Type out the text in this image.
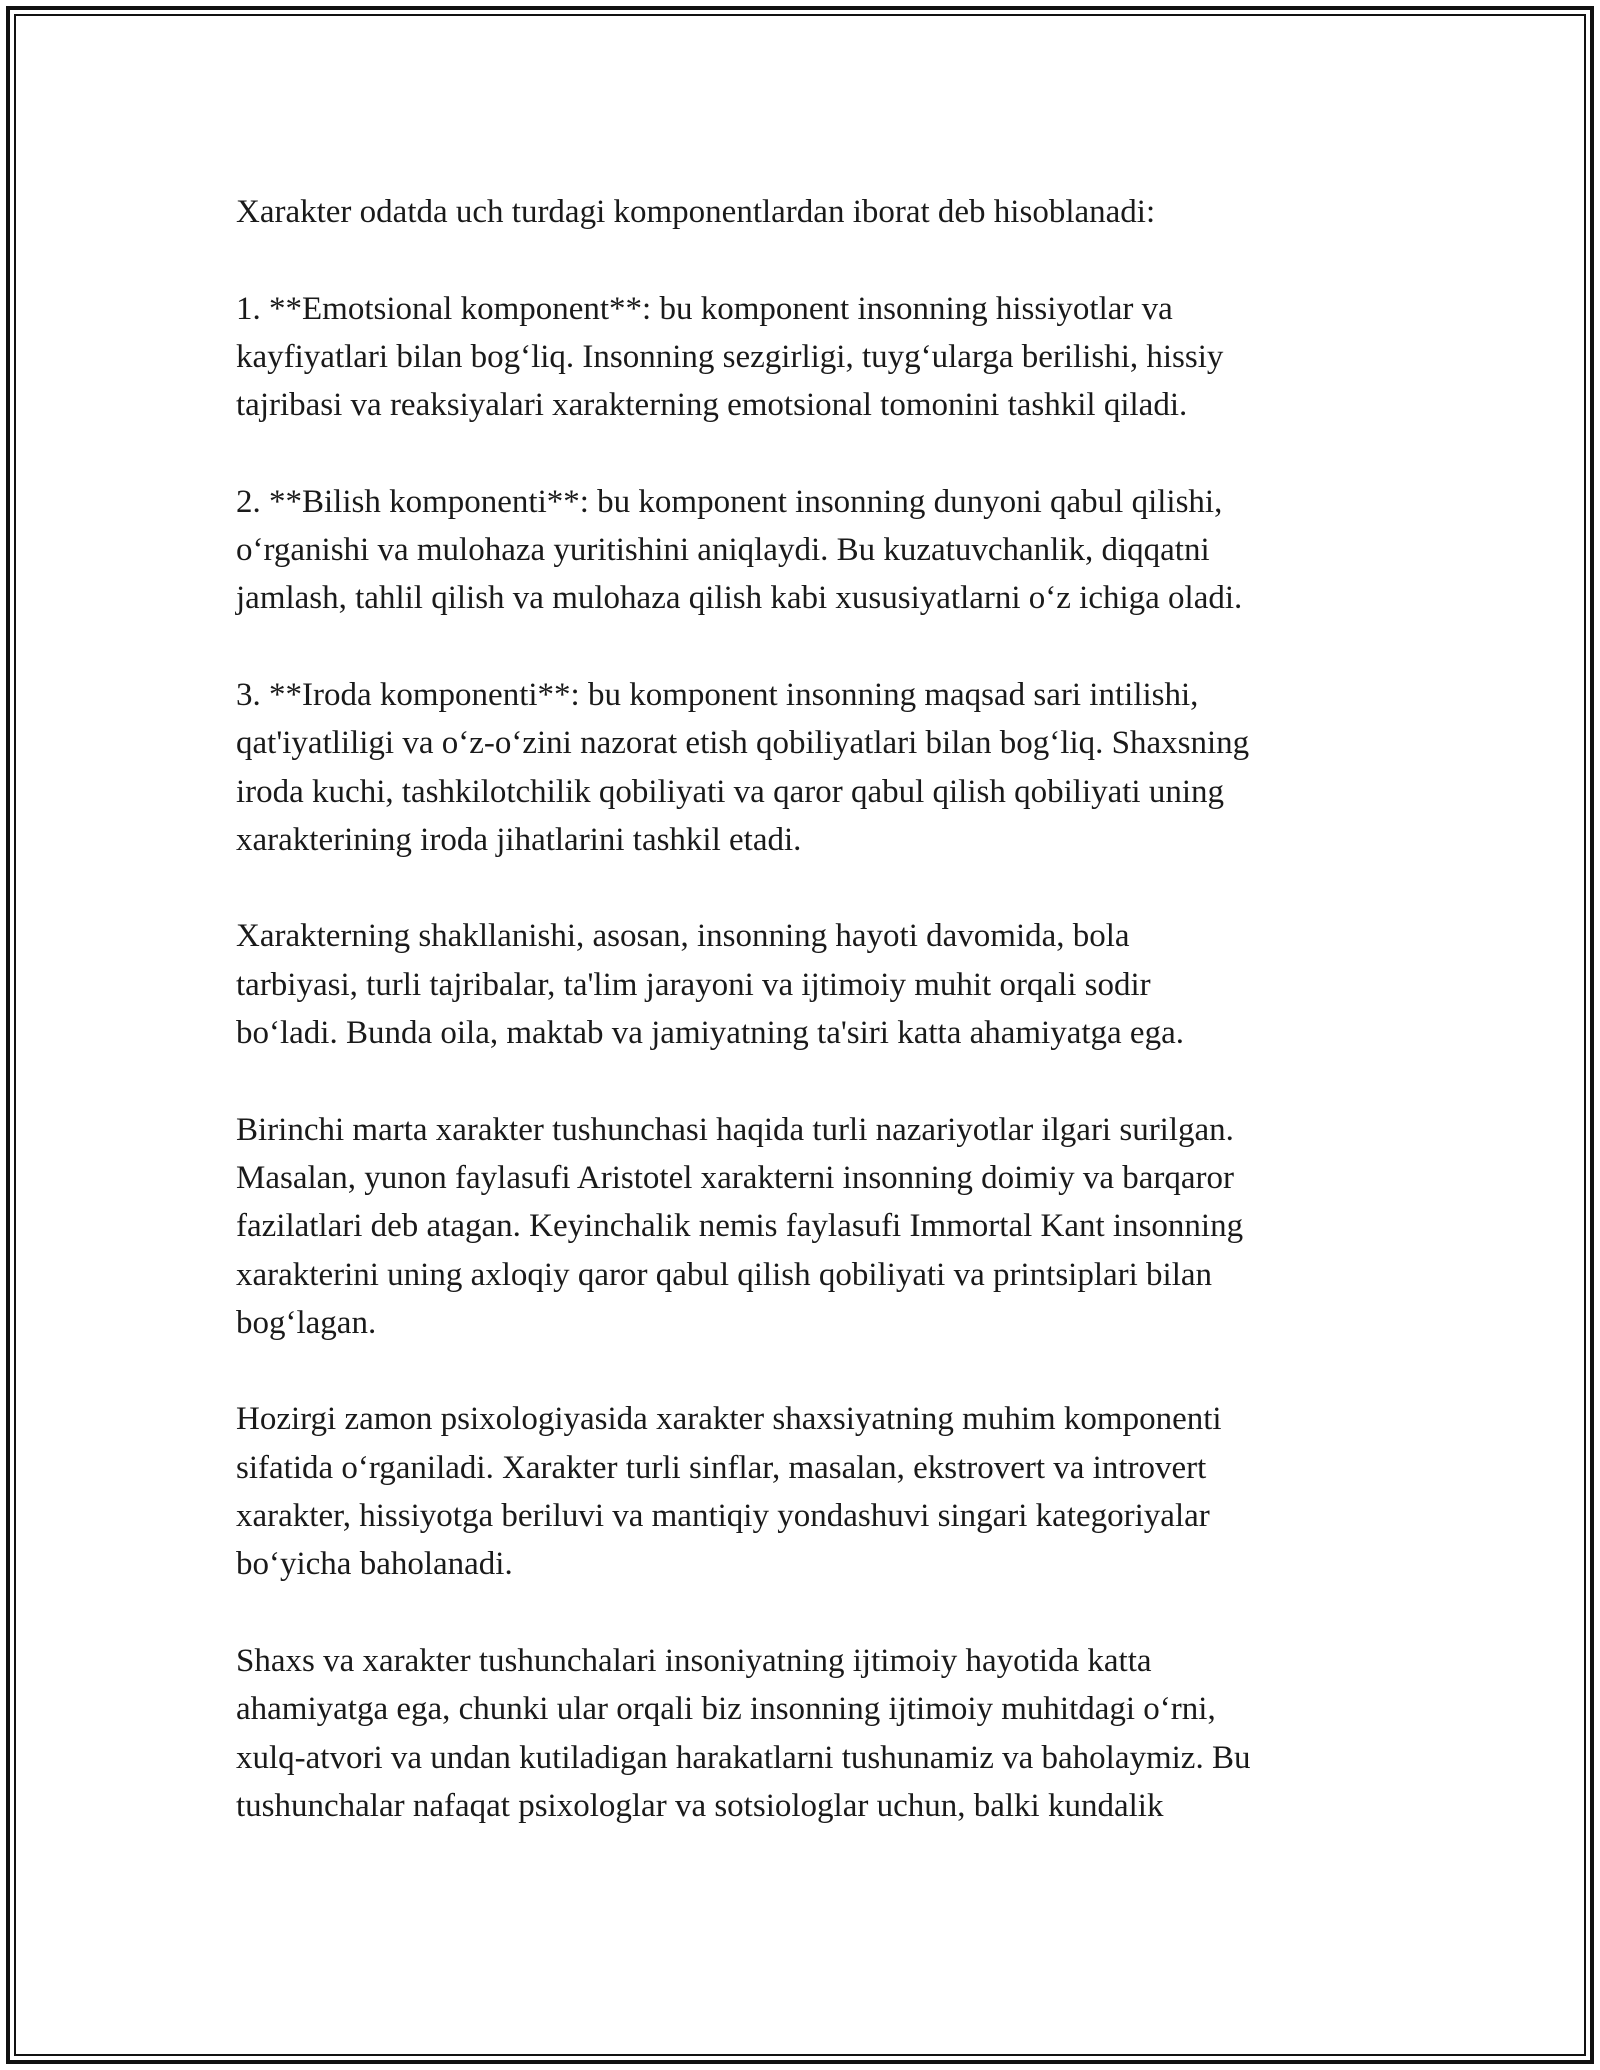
Xarakter odatda uch turdagi komponentlardan iborat deb hisoblanadi:

1. **Emotsional komponent**: bu komponent insonning hissiyotlar va
kayfiyatlari bilan bog‘liq. Insonning sezgirligi, tuyg‘ularga berilishi, hissiy
tajribasi va reaksiyalari xarakterning emotsional tomonini tashkil qiladi.

2. **Bilish komponenti**: bu komponent insonning dunyoni qabul qilishi,
o‘rganishi va mulohaza yuritishini aniqlaydi. Bu kuzatuvchanlik, diqqatni
jamlash, tahlil qilish va mulohaza qilish kabi xususiyatlarni o‘z ichiga oladi.

3. **Iroda komponenti**: bu komponent insonning maqsad sari intilishi,
qat'iyatliligi va o‘z-o‘zini nazorat etish qobiliyatlari bilan bog‘liq. Shaxsning
iroda kuchi, tashkilotchilik qobiliyati va qaror qabul qilish qobiliyati uning
xarakterining iroda jihatlarini tashkil etadi.

Xarakterning shakllanishi, asosan, insonning hayoti davomida, bola
tarbiyasi, turli tajribalar, ta'lim jarayoni va ijtimoiy muhit orqali sodir
bo‘ladi. Bunda oila, maktab va jamiyatning ta'siri katta ahamiyatga ega.

Birinchi marta xarakter tushunchasi haqida turli nazariyotlar ilgari surilgan.
Masalan, yunon faylasufi Aristotel xarakterni insonning doimiy va barqaror
fazilatlari deb atagan. Keyinchalik nemis faylasufi Immortal Kant insonning
xarakterini uning axloqiy qaror qabul qilish qobiliyati va printsiplari bilan
bog‘lagan.

Hozirgi zamon psixologiyasida xarakter shaxsiyatning muhim komponenti
sifatida o‘rganiladi. Xarakter turli sinflar, masalan, ekstrovert va introvert
xarakter, hissiyotga beriluvi va mantiqiy yondashuvi singari kategoriyalar
bo‘yicha baholanadi.

Shaxs va xarakter tushunchalari insoniyatning ijtimoiy hayotida katta
ahamiyatga ega, chunki ular orqali biz insonning ijtimoiy muhitdagi o‘rni,
xulq-atvori va undan kutiladigan harakatlarni tushunamiz va baholaymiz. Bu
tushunchalar nafaqat psixologlar va sotsiologlar uchun, balki kundalik
